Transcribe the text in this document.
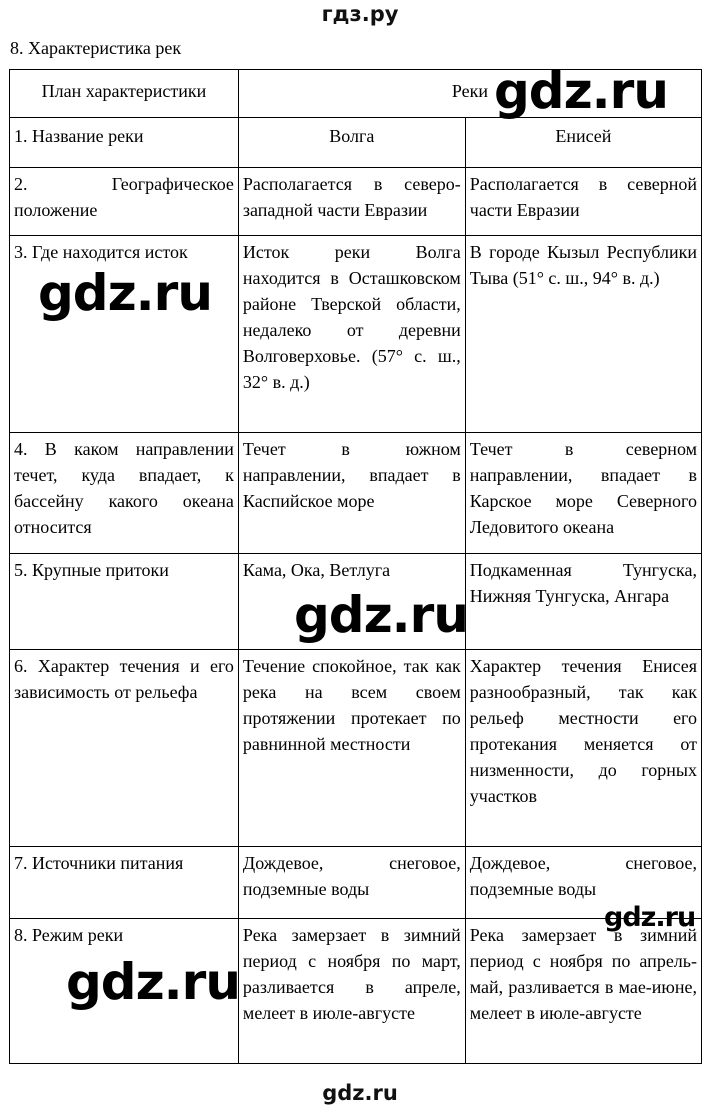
гдз.ру
8. Характеристика рек
План характеристики	Реки	
1. Название реки	Волга	Енисей
2. Географическое положение	Располагается в северо-западной части Евразии	Располагается в северной части Евразии
3. Где находится исток	Исток реки Волга находится в Осташковском районе Тверской области, недалеко от деревни Волговерховье. (57° с. ш., 32° в. д.)	В городе Кызыл Республики Тыва (51° с. ш., 94° в. д.)
4. В каком направлении течет, куда впадает, к бассейну какого океана относится	Течет в южном направлении, впадает в Каспийское море	Течет в северном направлении, впадает в Карское море Северного Ледовитого океана
5. Крупные притоки	Кама, Ока, Ветлуга	Подкаменная Тунгуска, Нижняя Тунгуска, Ангара
6. Характер течения и его зависимость от рельефа	Течение спокойное, так как река на всем своем протяжении протекает по равнинной местности	Характер течения Енисея разнообразный, так как рельеф местности его протекания меняется от низменности, до горных участков
7. Источники питания	Дождевое, снеговое, подземные воды	Дождевое, снеговое, подземные воды
8. Режим реки	Река замерзает в зимний период с ноября по март, разливается в апреле, мелеет в июле-августе	Река замерзает в зимний период с ноября по апрель-май, разливается в мае-июне, мелеет в июле-августе
gdz.ru
gdz.ru
gdz.ru
gdz.ru
gdz.ru
gdz.ru
